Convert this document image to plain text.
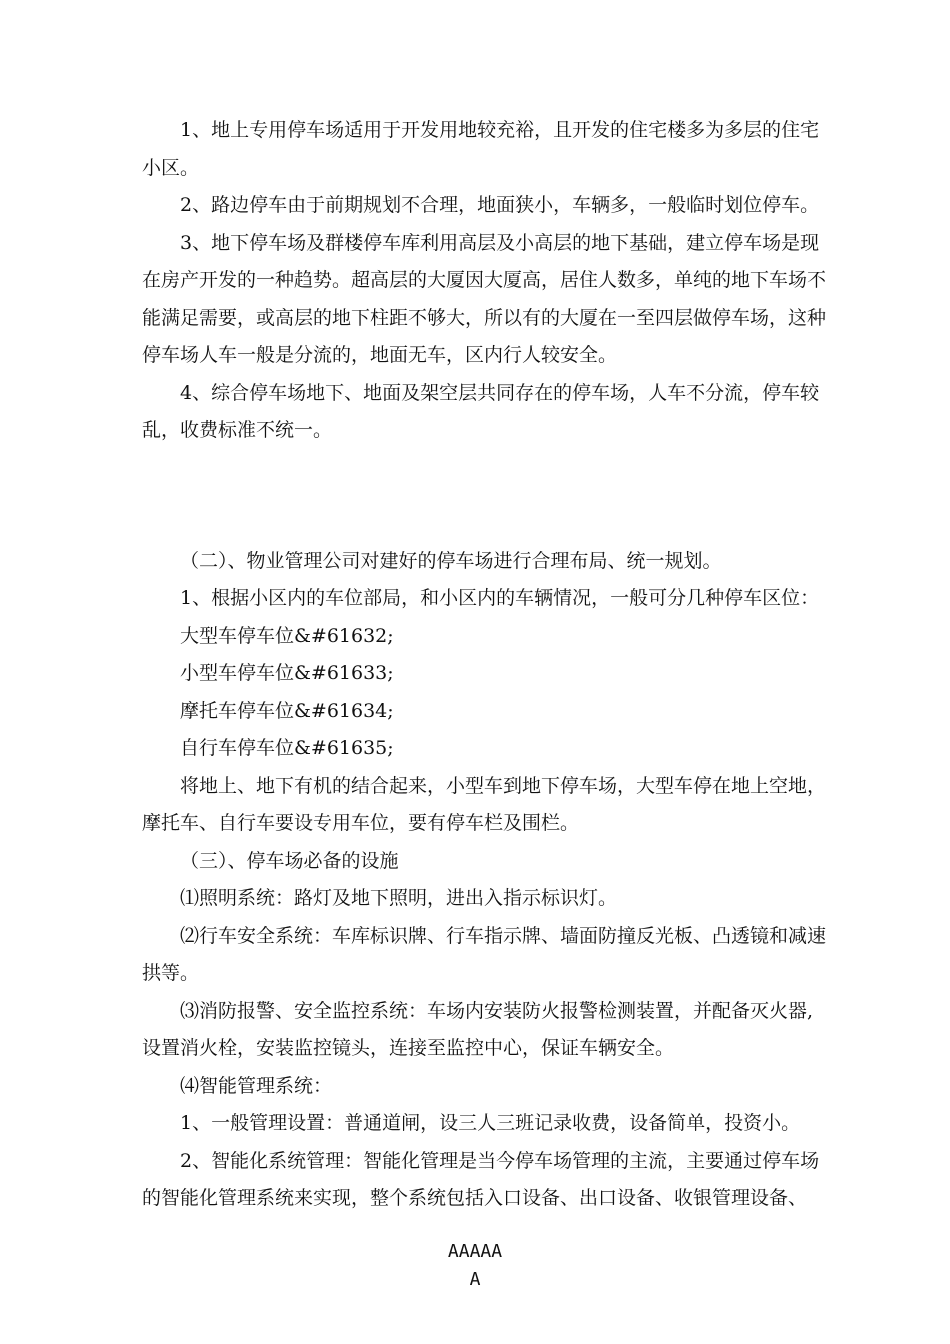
1、地上专用停车场适用于开发用地较充裕，且开发的住宅楼多为多层的住宅小区。

2、路边停车由于前期规划不合理，地面狭小，车辆多，一般临时划位停车。

3、地下停车场及群楼停车库利用高层及小高层的地下基础，建立停车场是现在房产开发的一种趋势。超高层的大厦因大厦高，居住人数多，单纯的地下车场不能满足需要，或高层的地下柱距不够大，所以有的大厦在一至四层做停车场，这种停车场人车一般是分流的，地面无车，区内行人较安全。

4、综合停车场地下、地面及架空层共同存在的停车场，人车不分流，停车较乱，收费标准不统一。

（二）、物业管理公司对建好的停车场进行合理布局、统一规划。

1、根据小区内的车位部局，和小区内的车辆情况，一般可分几种停车区位：

大型车停车位&#61632;

小型车停车位&#61633;

摩托车停车位&#61634;

自行车停车位&#61635;

将地上、地下有机的结合起来，小型车到地下停车场，大型车停在地上空地，摩托车、自行车要设专用车位，要有停车栏及围栏。

（三）、停车场必备的设施

⑴照明系统：路灯及地下照明，进出入指示标识灯。

⑵行车安全系统：车库标识牌、行车指示牌、墙面防撞反光板、凸透镜和减速拱等。

⑶消防报警、安全监控系统：车场内安装防火报警检测装置，并配备灭火器,设置消火栓，安装监控镜头，连接至监控中心，保证车辆安全。

⑷智能管理系统：

1、一般管理设置：普通道闸，设三人三班记录收费，设备简单，投资小。

2、智能化系统管理：智能化管理是当今停车场管理的主流，主要通过停车场的智能化管理系统来实现，整个系统包括入口设备、出口设备、收银管理设备、

AAAAA
A
